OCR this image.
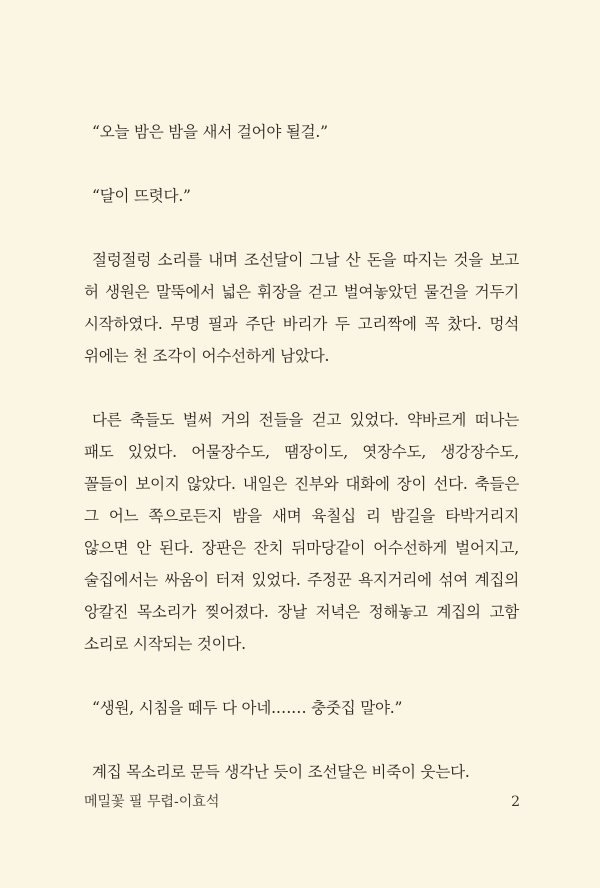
“오늘 밤은 밤을 새서 걸어야 될걸.”

“달이 뜨렷다.”

절렁절렁 소리를 내며 조선달이 그날 산 돈을 따지는 것을 보고 허 생원은 말뚝에서 넓은 휘장을 걷고 벌여놓았던 물건을 거두기 시작하였다. 무명 필과 주단 바리가 두 고리짝에 꼭 찼다. 멍석 위에는 천 조각이 어수선하게 남았다.

다른 축들도 벌써 거의 전들을 걷고 있었다. 약바르게 떠나는 패도 있었다. 어물장수도, 땜장이도, 엿장수도, 생강장수도, 꼴들이 보이지 않았다. 내일은 진부와 대화에 장이 선다. 축들은 그 어느 쪽으로든지 밤을 새며 육칠십 리 밤길을 타박거리지 않으면 안 된다. 장판은 잔치 뒤마당같이 어수선하게 벌어지고, 술집에서는 싸움이 터져 있었다. 주정꾼 욕지거리에 섞여 계집의 앙칼진 목소리가 찢어졌다. 장날 저녁은 정해놓고 계집의 고함 소리로 시작되는 것이다.

“생원, 시침을 떼두 다 아네.…… 충줏집 말야.”

계집 목소리로 문득 생각난 듯이 조선달은 비죽이 웃는다.

메밀꽃 필 무렵-이효석	2
